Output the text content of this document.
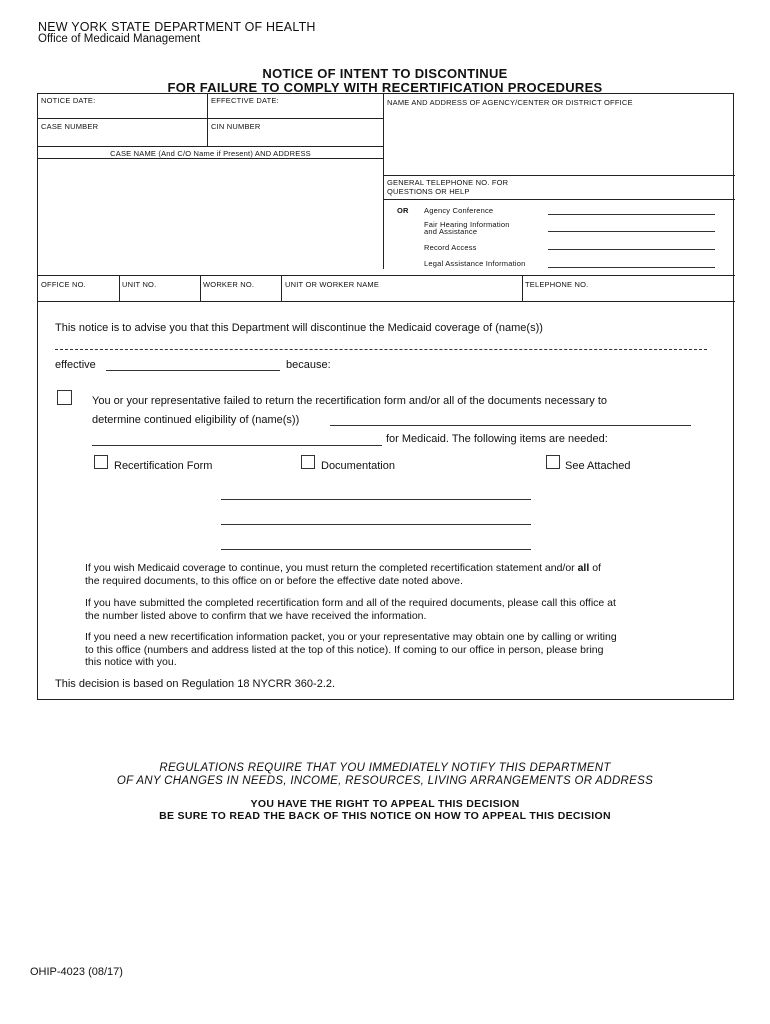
NEW YORK STATE DEPARTMENT OF HEALTH
Office of Medicaid Management
NOTICE OF INTENT TO DISCONTINUE
FOR FAILURE TO COMPLY WITH RECERTIFICATION PROCEDURES
NOTICE DATE:	EFFECTIVE DATE:	NAME AND ADDRESS OF AGENCY/CENTER OR DISTRICT OFFICE
CASE NUMBER	CIN NUMBER
CASE NAME (And C/O Name if Present) AND ADDRESS
GENERAL TELEPHONE NO. FOR
QUESTIONS OR HELP
OR Agency Conference
Fair Hearing Information
and Assistance
Record Access
Legal Assistance Information
OFFICE NO.	UNIT NO.	WORKER NO.	UNIT OR WORKER NAME	TELEPHONE NO.
This notice is to advise you that this Department will discontinue the Medicaid coverage of (name(s))
effective	because:
You or your representative failed to return the recertification form and/or all of the documents necessary to
determine continued eligibility of (name(s))
for Medicaid. The following items are needed:
Recertification Form	Documentation	See Attached
If you wish Medicaid coverage to continue, you must return the completed recertification statement and/or all of
the required documents, to this office on or before the effective date noted above.
If you have submitted the completed recertification form and all of the required documents, please call this office at
the number listed above to confirm that we have received the information.
If you need a new recertification information packet, you or your representative may obtain one by calling or writing
to this office (numbers and address listed at the top of this notice). If coming to our office in person, please bring
this notice with you.
This decision is based on Regulation 18 NYCRR 360-2.2.
REGULATIONS REQUIRE THAT YOU IMMEDIATELY NOTIFY THIS DEPARTMENT
OF ANY CHANGES IN NEEDS, INCOME, RESOURCES, LIVING ARRANGEMENTS OR ADDRESS
YOU HAVE THE RIGHT TO APPEAL THIS DECISION
BE SURE TO READ THE BACK OF THIS NOTICE ON HOW TO APPEAL THIS DECISION
OHIP-4023 (08/17)
